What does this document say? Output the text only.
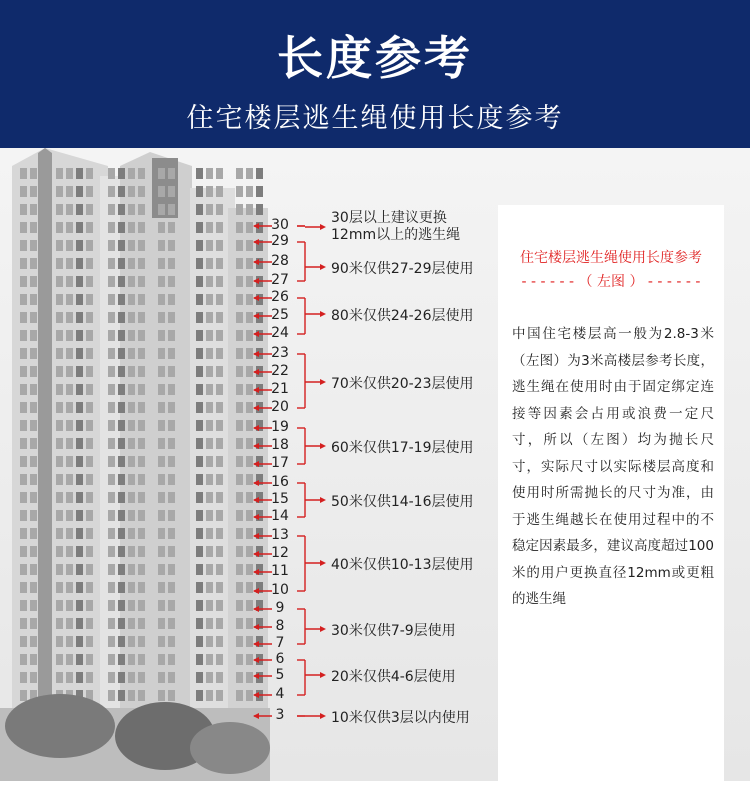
长度参考
住宅楼层逃生绳使用长度参考
30
29
28
27
26
25
24
23
22
21
20
19
18
17
16
15
14
13
12
11
10
9
8
7
6
5
4
3
30层以上建议更换
12mm以上的逃生绳
90米仅供27-29层使用
80米仅供24-26层使用
70米仅供20-23层使用
60米仅供17-19层使用
50米仅供14-16层使用
40米仅供10-13层使用
30米仅供7-9层使用
20米仅供4-6层使用
10米仅供3层以内使用
住宅楼层逃生绳使用长度参考
- - - - - - （ 左图 ） - - - - - -
中国住宅楼层高一般为2.8-3米（左图）为3米高楼层参考长度，逃生绳在使用时由于固定绑定连接等因素会占用或浪费一定尺寸，所以（左图）均为抛长尺寸，实际尺寸以实际楼层高度和使用时所需抛长的尺寸为准，由于逃生绳越长在使用过程中的不稳定因素最多，建议高度超过100米的用户更换直径12mm或更粗的逃生绳
